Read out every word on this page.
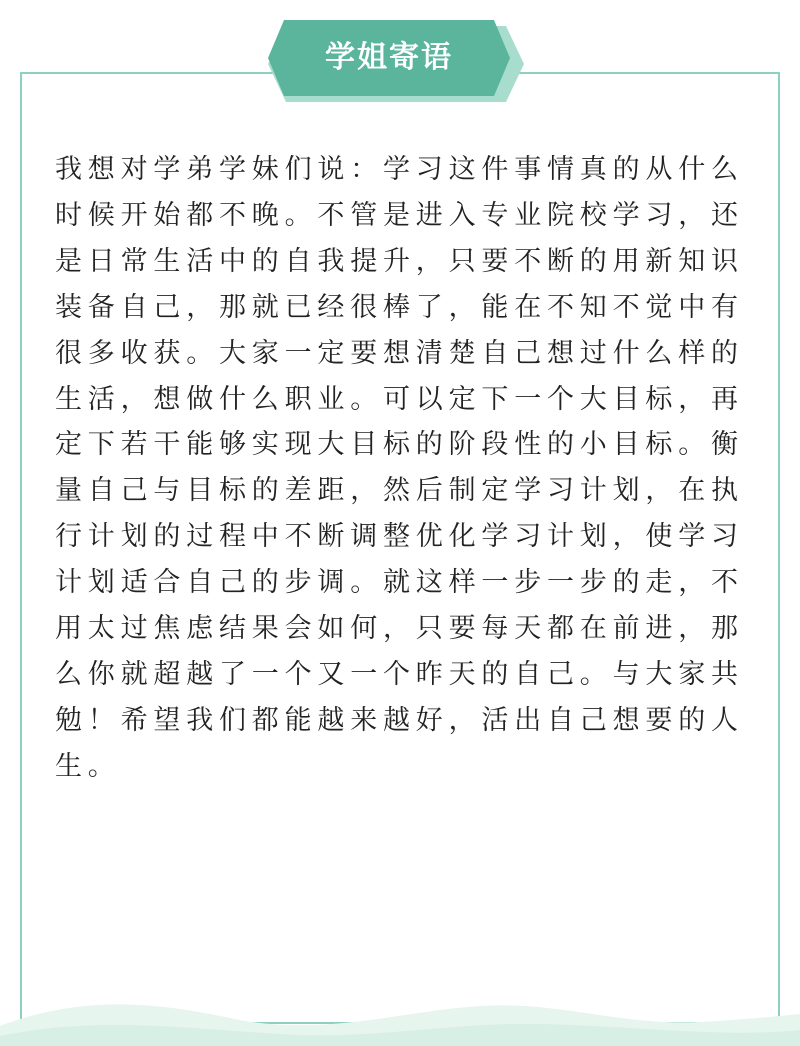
学姐寄语

我想对学弟学妹们说：学习这件事情真的从什么时候开始都不晚。不管是进入专业院校学习，还是日常生活中的自我提升，只要不断的用新知识装备自己，那就已经很棒了，能在不知不觉中有很多收获。大家一定要想清楚自己想过什么样的生活，想做什么职业。可以定下一个大目标，再定下若干能够实现大目标的阶段性的小目标。衡量自己与目标的差距，然后制定学习计划，在执行计划的过程中不断调整优化学习计划，使学习计划适合自己的步调。就这样一步一步的走，不用太过焦虑结果会如何，只要每天都在前进，那么你就超越了一个又一个昨天的自己。与大家共勉！希望我们都能越来越好，活出自己想要的人生。
